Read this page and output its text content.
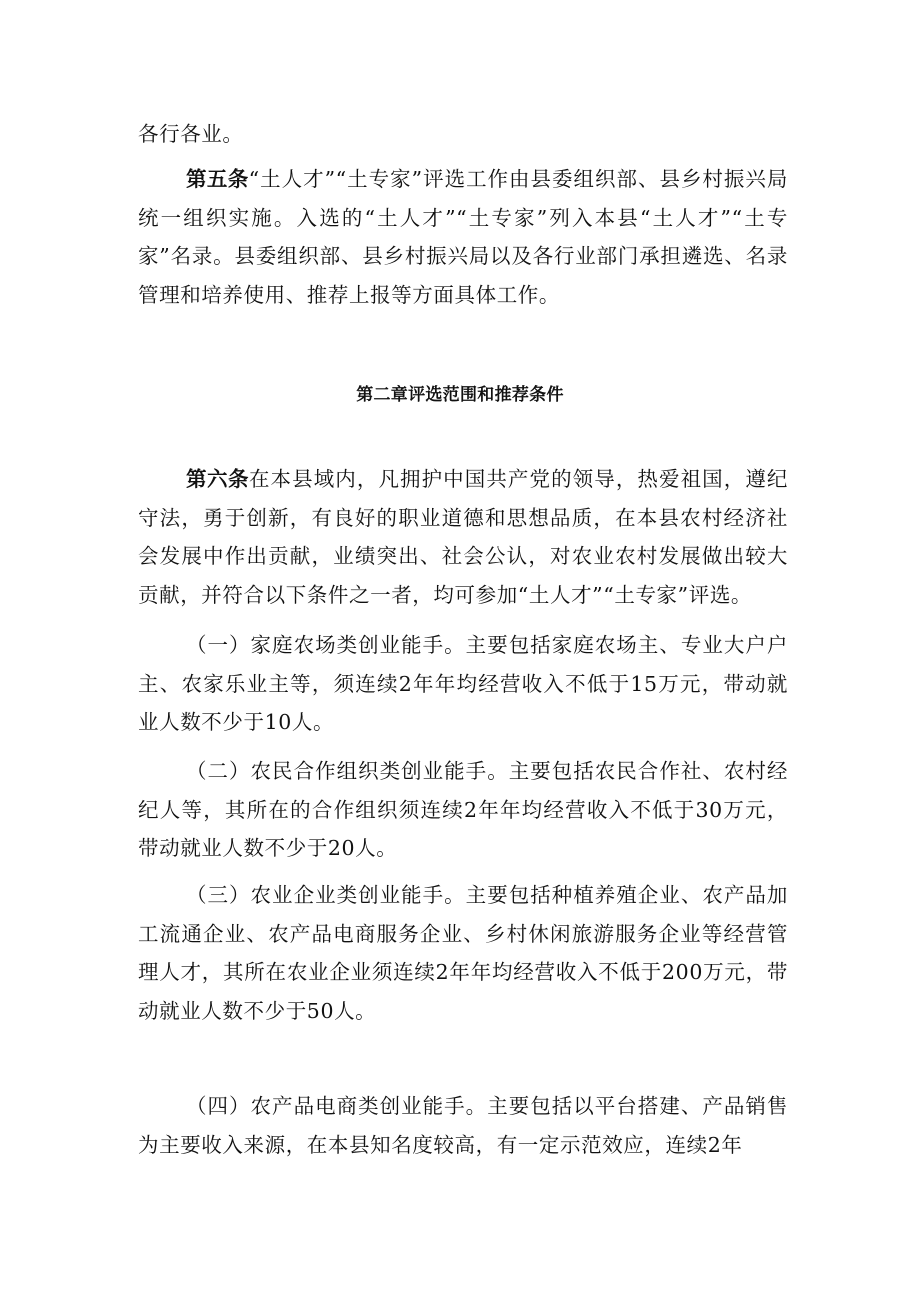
各行各业。

第五条“土人才”“土专家”评选工作由县委组织部、县乡村振兴局统一组织实施。入选的“土人才”“土专家”列入本县“土人才”“土专家”名录。县委组织部、县乡村振兴局以及各行业部门承担遴选、名录管理和培养使用、推荐上报等方面具体工作。

第二章评选范围和推荐条件

第六条在本县域内，凡拥护中国共产党的领导，热爱祖国，遵纪守法，勇于创新，有良好的职业道德和思想品质，在本县农村经济社会发展中作出贡献，业绩突出、社会公认，对农业农村发展做出较大贡献，并符合以下条件之一者，均可参加“土人才”“土专家”评选。

（一）家庭农场类创业能手。主要包括家庭农场主、专业大户户主、农家乐业主等，须连续2年年均经营收入不低于15万元，带动就业人数不少于10人。

（二）农民合作组织类创业能手。主要包括农民合作社、农村经纪人等，其所在的合作组织须连续2年年均经营收入不低于30万元，带动就业人数不少于20人。

（三）农业企业类创业能手。主要包括种植养殖企业、农产品加工流通企业、农产品电商服务企业、乡村休闲旅游服务企业等经营管理人才，其所在农业企业须连续2年年均经营收入不低于200万元，带动就业人数不少于50人。

（四）农产品电商类创业能手。主要包括以平台搭建、产品销售为主要收入来源，在本县知名度较高，有一定示范效应，连续2年
